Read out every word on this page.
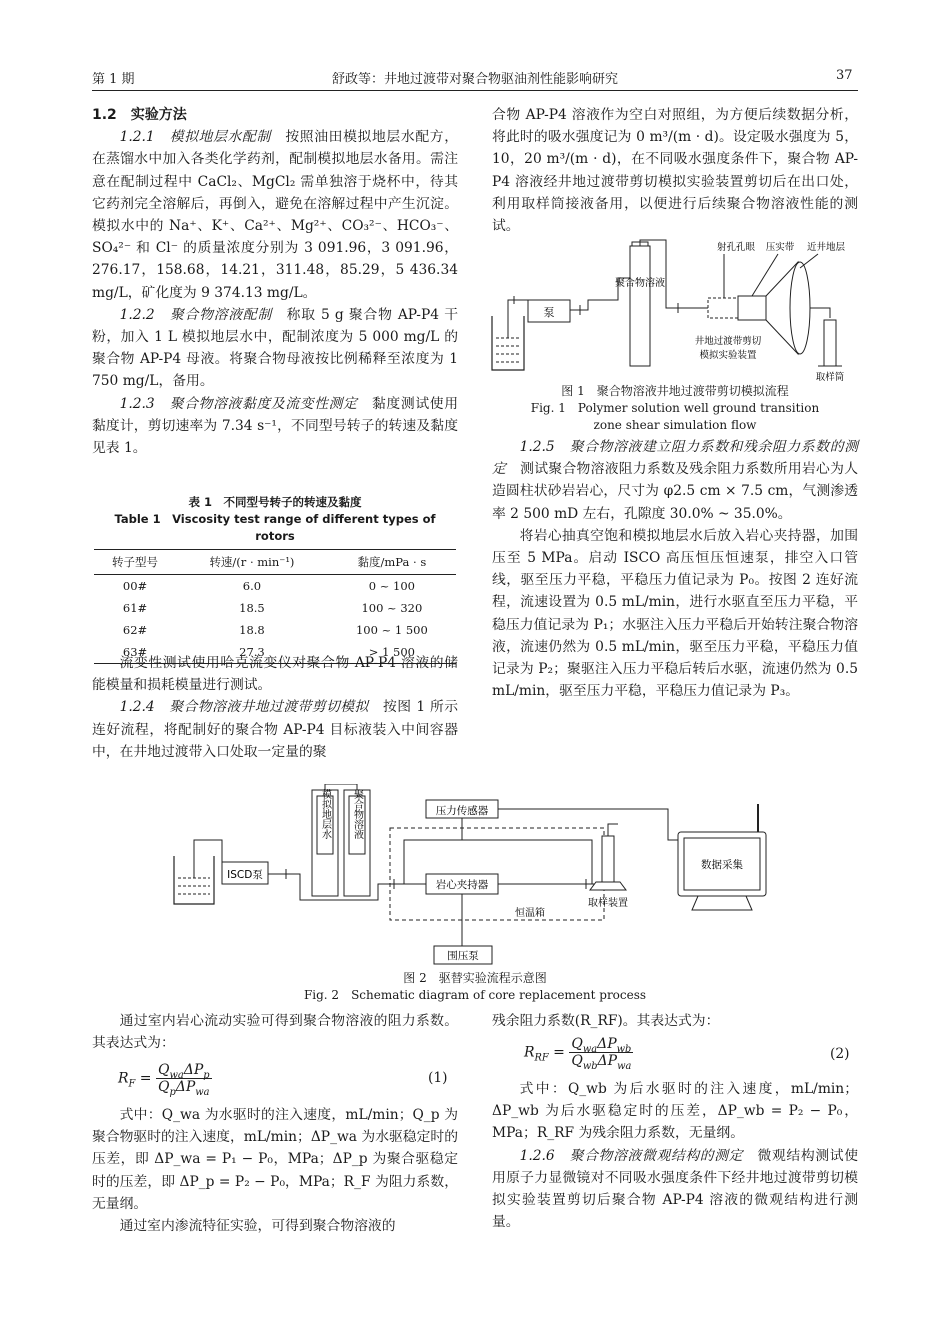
第 1 期	舒政等：井地过渡带对聚合物驱油剂性能影响研究	37

1.2　实验方法

1.2.1　模拟地层水配制　按照油田模拟地层水配方，在蒸馏水中加入各类化学药剂，配制模拟地层水备用。需注意在配制过程中 CaCl₂、MgCl₂ 需单独溶于烧杯中，待其它药剂完全溶解后，再倒入，避免在溶解过程中产生沉淀。模拟水中的 Na⁺、K⁺、Ca²⁺、Mg²⁺、CO₃²⁻、HCO₃⁻、SO₄²⁻ 和 Cl⁻ 的质量浓度分别为 3 091.96，3 091.96，276.17，158.68，14.21，311.48，85.29，5 436.34 mg/L，矿化度为 9 374.13 mg/L。

1.2.2　聚合物溶液配制　称取 5 g 聚合物 AP-P4 干粉，加入 1 L 模拟地层水中，配制浓度为 5 000 mg/L 的聚合物 AP-P4 母液。将聚合物母液按比例稀释至浓度为 1 750 mg/L，备用。

1.2.3　聚合物溶液黏度及流变性测定　黏度测试使用黏度计，剪切速率为 7.34 s⁻¹，不同型号转子的转速及黏度见表 1。

表 1　不同型号转子的转速及黏度
Table 1　Viscosity test range of different types of rotors
转子型号	转速/(r · min⁻¹)	黏度/mPa · s
00#	6.0	0 ~ 100
61#	18.5	100 ~ 320
62#	18.8	100 ~ 1 500
63#	27.3	> 1 500

流变性测试使用哈克流变仪对聚合物 AP-P4 溶液的储能模量和损耗模量进行测试。

1.2.4　聚合物溶液井地过渡带剪切模拟　按图 1 所示连好流程，将配制好的聚合物 AP-P4 目标液装入中间容器中，在井地过渡带入口处取一定量的聚

合物 AP-P4 溶液作为空白对照组，为方便后续数据分析，将此时的吸水强度记为 0 m³/(m · d)。设定吸水强度为 5，10，20 m³/(m · d)，在不同吸水强度条件下，聚合物 AP-P4 溶液经井地过渡带剪切模拟实验装置剪切后在出口处，利用取样筒接液备用，以便进行后续聚合物溶液性能的测试。

泵
聚合物溶液
射孔孔眼 压实带 近井地层
井地过渡带剪切
模拟实验装置
取样筒
图 1　聚合物溶液井地过渡带剪切模拟流程
Fig. 1　Polymer solution well ground transition
zone shear simulation flow

1.2.5　聚合物溶液建立阻力系数和残余阻力系数的测定　测试聚合物溶液阻力系数及残余阻力系数所用岩心为人造圆柱状砂岩岩心，尺寸为 φ2.5 cm × 7.5 cm，气测渗透率 2 500 mD 左右，孔隙度 30.0% ~ 35.0%。

将岩心抽真空饱和模拟地层水后放入岩心夹持器，加围压至 5 MPa。启动 ISCO 高压恒压恒速泵，排空入口管线，驱至压力平稳，平稳压力值记录为 P₀。按图 2 连好流程，流速设置为 0.5 mL/min，进行水驱直至压力平稳，平稳压力值记录为 P₁；水驱注入压力平稳后开始转注聚合物溶液，流速仍然为 0.5 mL/min，驱至压力平稳，平稳压力值记录为 P₂；聚驱注入压力平稳后转后水驱，流速仍然为 0.5 mL/min，驱至压力平稳，平稳压力值记录为 P₃。

ISCD泵
模拟地层水 聚合物溶液
恒温箱
压力传感器
岩心夹持器
围压泵
取样装置
数据采集
图 2　驱替实验流程示意图
Fig. 2　Schematic diagram of core replacement process

通过室内岩心流动实验可得到聚合物溶液的阻力系数。其表达式为：

$R_F$ =
$Q_{wa}\Delta P_p$
$Q_p\Delta P_{wa}$
(1)

式中：Q_wa 为水驱时的注入速度，mL/min；Q_p 为聚合物驱时的注入速度，mL/min；ΔP_wa 为水驱稳定时的压差，即 ΔP_wa = P₁ − P₀，MPa；ΔP_p 为聚合驱稳定时的压差，即 ΔP_p = P₂ − P₀，MPa；R_F 为阻力系数，无量纲。

通过室内渗流特征实验，可得到聚合物溶液的

残余阻力系数(R_RF)。其表达式为：

$R_{RF}$ =
$Q_{wa}\Delta P_{wb}$
$Q_{wb}\Delta P_{wa}$
(2)

式中：Q_wb 为后水驱时的注入速度，mL/min；ΔP_wb 为后水驱稳定时的压差，ΔP_wb = P₂ − P₀，MPa；R_RF 为残余阻力系数，无量纲。

1.2.6　聚合物溶液微观结构的测定　微观结构测试使用原子力显微镜对不同吸水强度条件下经井地过渡带剪切模拟实验装置剪切后聚合物 AP-P4 溶液的微观结构进行测量。
